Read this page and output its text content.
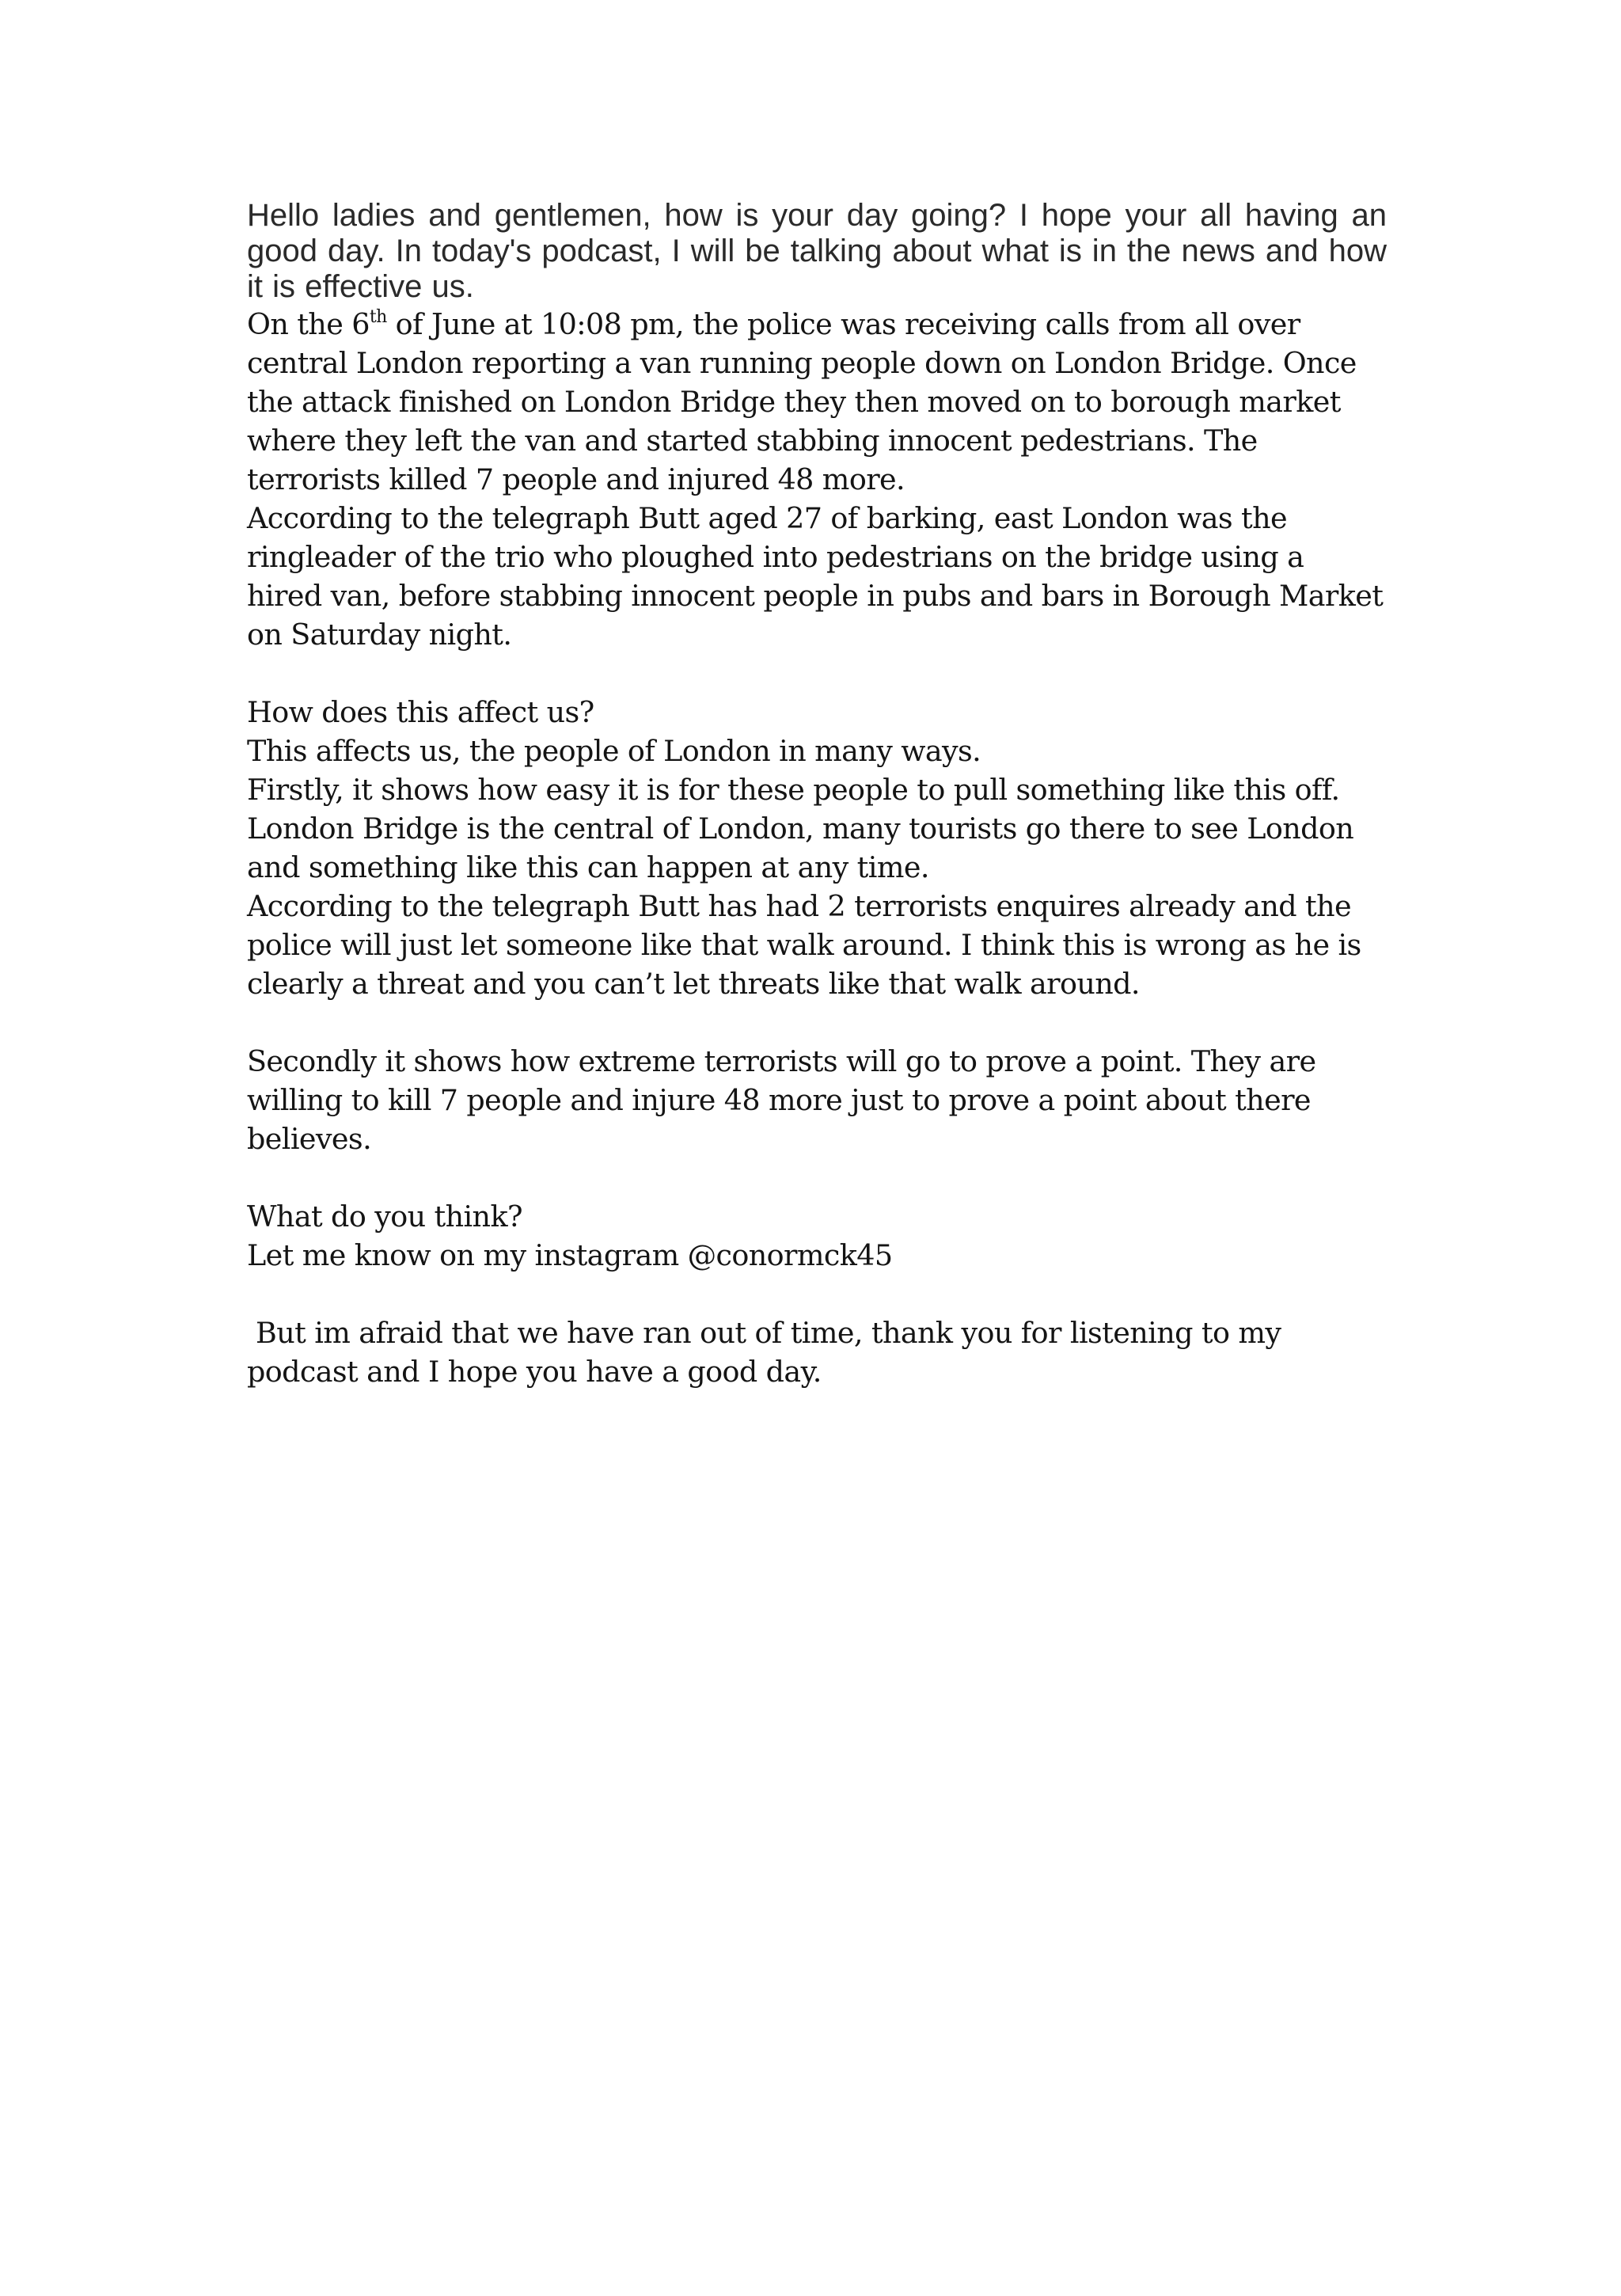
Hello ladies and gentlemen, how is your day going? I hope your all having an good day. In today's podcast, I will be talking about what is in the news and how it is effective us.

On the 6th of June at 10:08 pm, the police was receiving calls from all over central London reporting a van running people down on London Bridge. Once the attack finished on London Bridge they then moved on to borough market where they left the van and started stabbing innocent pedestrians. The terrorists killed 7 people and injured 48 more.

According to the telegraph Butt aged 27 of barking, east London was the ringleader of the trio who ploughed into pedestrians on the bridge using a hired van, before stabbing innocent people in pubs and bars in Borough Market on Saturday night.

How does this affect us?

This affects us, the people of London in many ways.

Firstly, it shows how easy it is for these people to pull something like this off. London Bridge is the central of London, many tourists go there to see London and something like this can happen at any time.

According to the telegraph Butt has had 2 terrorists enquires already and the police will just let someone like that walk around. I think this is wrong as he is clearly a threat and you can’t let threats like that walk around.

Secondly it shows how extreme terrorists will go to prove a point. They are willing to kill 7 people and injure 48 more just to prove a point about there believes.

What do you think?

Let me know on my instagram @conormck45

But im afraid that we have ran out of time, thank you for listening to my podcast and I hope you have a good day.
